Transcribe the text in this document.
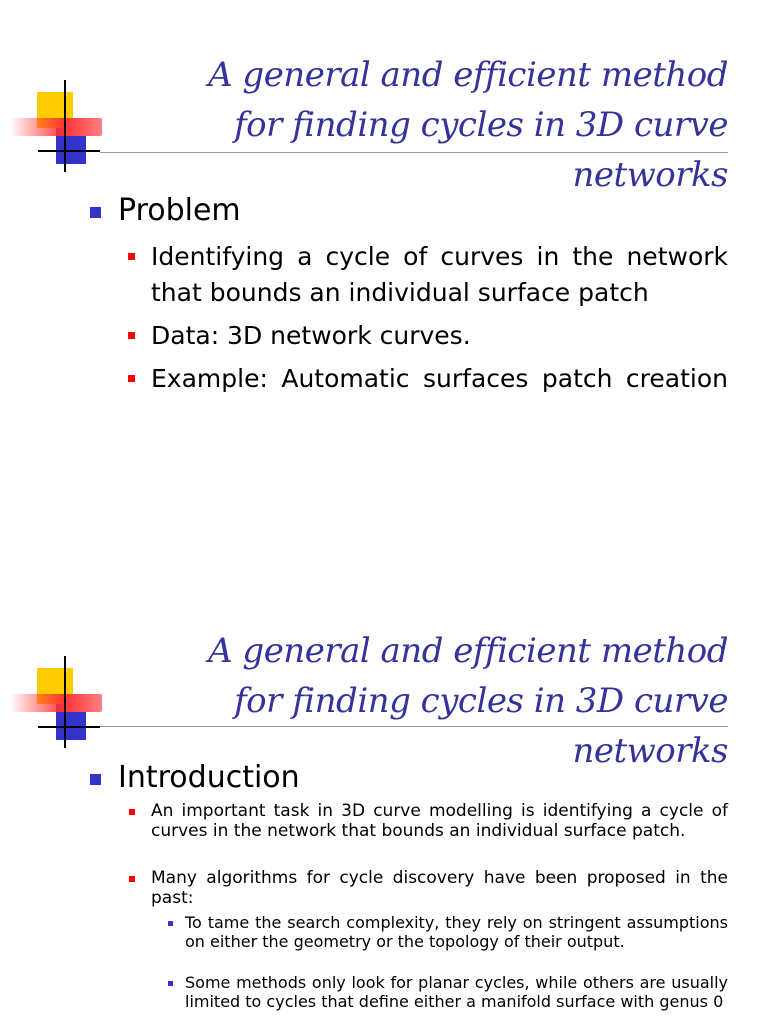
A general and efficient method
for finding cycles in 3D curve networks
Problem
Identifying a cycle of curves in the network that bounds an individual surface patch
Data: 3D network curves.
Example: Automatic surfaces patch creation
A general and efficient method
for finding cycles in 3D curve networks
Introduction
An important task in 3D curve modelling is identifying a cycle of curves in the network that bounds an individual surface patch.
Many algorithms for cycle discovery have been proposed in the past:
To tame the search complexity, they rely on stringent assumptions on either the geometry or the topology of their output.
Some methods only look for planar cycles, while others are usually limited to cycles that define either a manifold surface with genus 0
